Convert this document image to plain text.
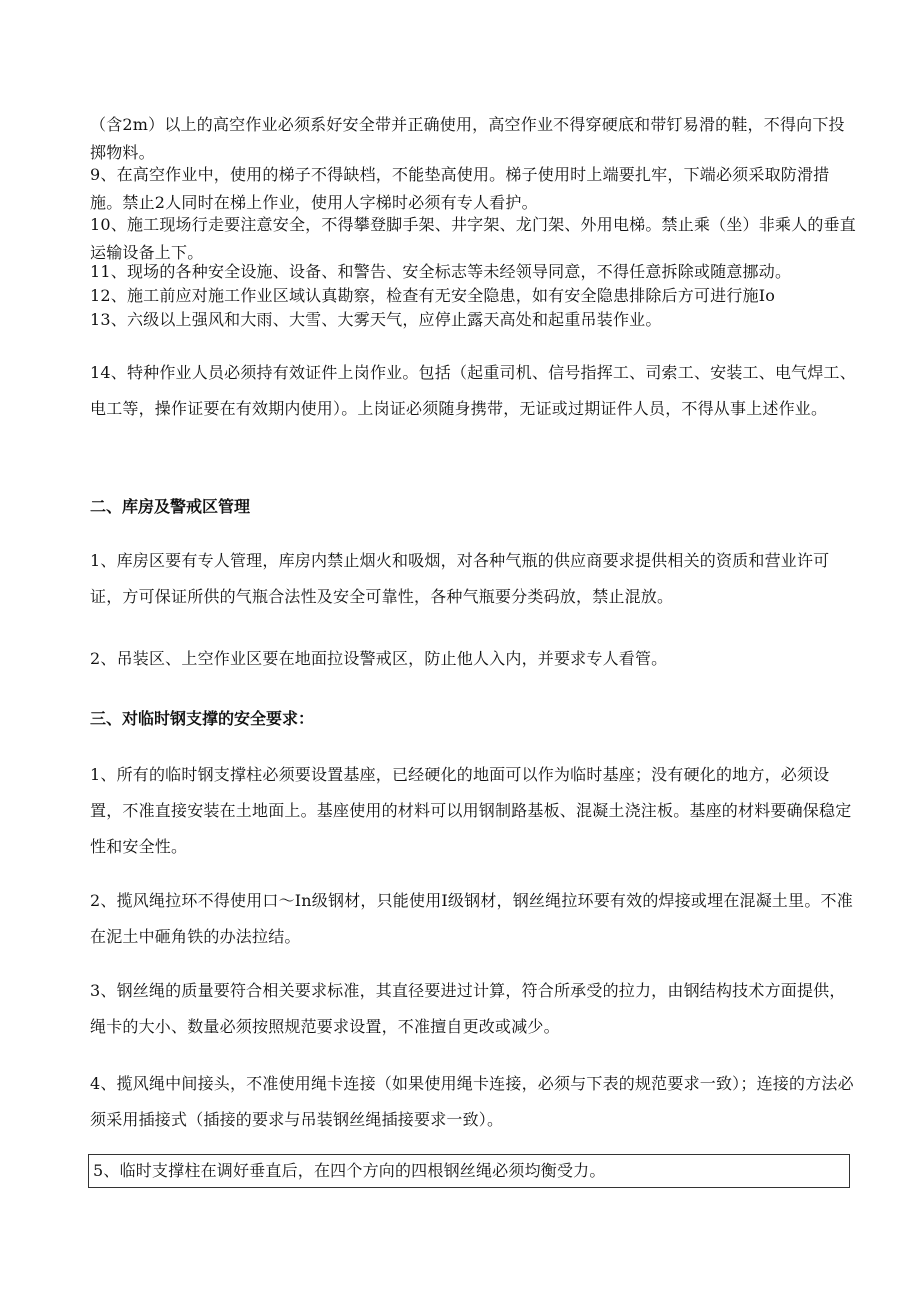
（含2m）以上的高空作业必须系好安全带并正确使用，高空作业不得穿硬底和带钉易滑的鞋，不得向下投掷物料。

9、在高空作业中，使用的梯子不得缺档，不能垫高使用。梯子使用时上端要扎牢，下端必须采取防滑措施。禁止2人同时在梯上作业，使用人字梯时必须有专人看护。

10、施工现场行走要注意安全，不得攀登脚手架、井字架、龙门架、外用电梯。禁止乘（坐）非乘人的垂直运输设备上下。

11、现场的各种安全设施、设备、和警告、安全标志等未经领导同意，不得任意拆除或随意挪动。

12、施工前应对施工作业区域认真勘察，检查有无安全隐患，如有安全隐患排除后方可进行施Io

13、六级以上强风和大雨、大雪、大雾天气，应停止露天高处和起重吊装作业。

14、特种作业人员必须持有效证件上岗作业。包括（起重司机、信号指挥工、司索工、安装工、电气焊工、电工等，操作证要在有效期内使用）。上岗证必须随身携带，无证或过期证件人员，不得从事上述作业。

二、库房及警戒区管理

1、库房区要有专人管理，库房内禁止烟火和吸烟，对各种气瓶的供应商要求提供相关的资质和营业许可证，方可保证所供的气瓶合法性及安全可靠性，各种气瓶要分类码放，禁止混放。

2、吊装区、上空作业区要在地面拉设警戒区，防止他人入内，并要求专人看管。

三、对临时钢支撑的安全要求：

1、所有的临时钢支撑柱必须要设置基座，已经硬化的地面可以作为临时基座；没有硬化的地方，必须设置，不准直接安装在土地面上。基座使用的材料可以用钢制路基板、混凝土浇注板。基座的材料要确保稳定性和安全性。

2、揽风绳拉环不得使用口～In级钢材，只能使用I级钢材，钢丝绳拉环要有效的焊接或埋在混凝土里。不准在泥土中砸角铁的办法拉结。

3、钢丝绳的质量要符合相关要求标准，其直径要进过计算，符合所承受的拉力，由钢结构技术方面提供，绳卡的大小、数量必须按照规范要求设置，不准擅自更改或减少。

4、揽风绳中间接头，不准使用绳卡连接（如果使用绳卡连接，必须与下表的规范要求一致）；连接的方法必须采用插接式（插接的要求与吊装钢丝绳插接要求一致）。

5、临时支撑柱在调好垂直后，在四个方向的四根钢丝绳必须均衡受力。
